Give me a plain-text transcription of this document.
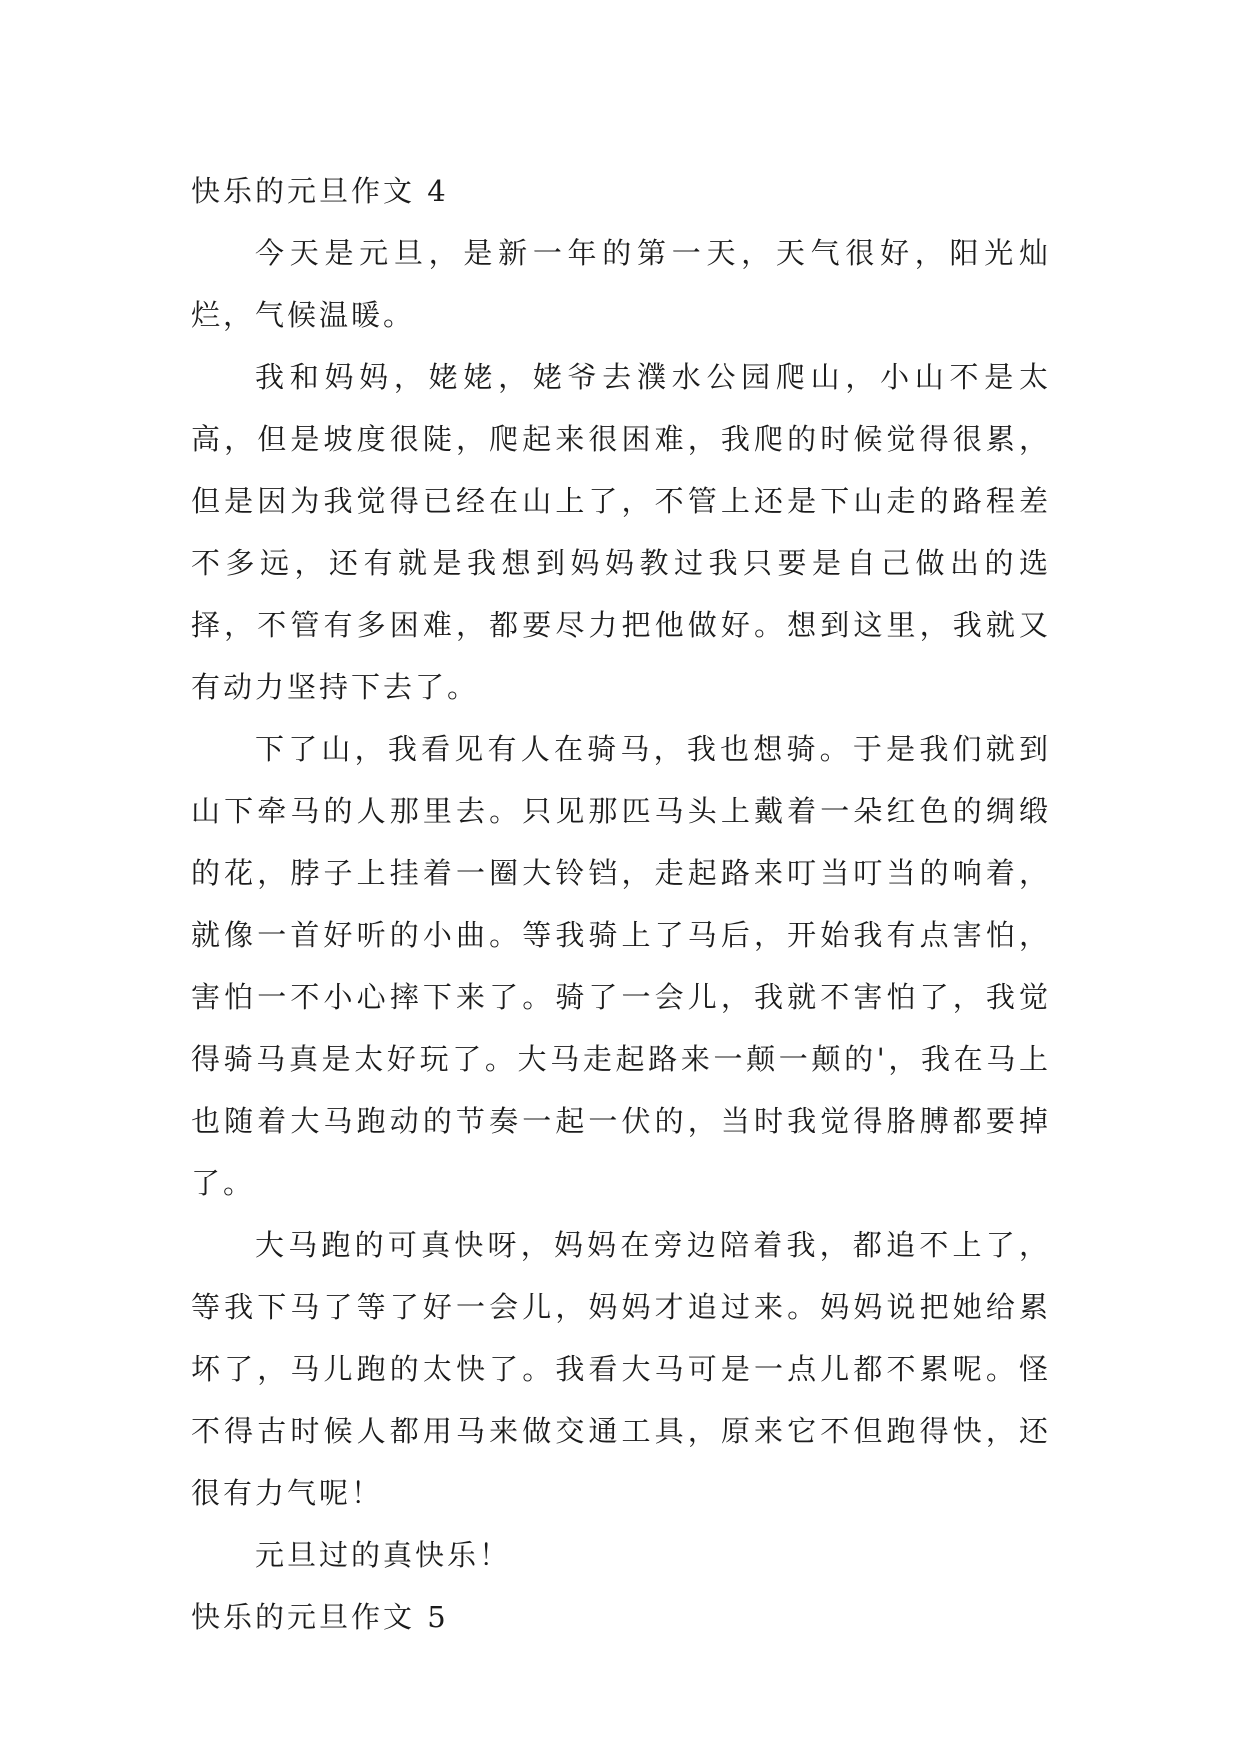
快乐的元旦作文 4

今天是元旦，是新一年的第一天，天气很好，阳光灿烂，气候温暖。

我和妈妈，姥姥，姥爷去濮水公园爬山，小山不是太高，但是坡度很陡，爬起来很困难，我爬的时候觉得很累，但是因为我觉得已经在山上了，不管上还是下山走的路程差不多远，还有就是我想到妈妈教过我只要是自己做出的选择，不管有多困难，都要尽力把他做好。想到这里，我就又有动力坚持下去了。

下了山，我看见有人在骑马，我也想骑。于是我们就到山下牵马的人那里去。只见那匹马头上戴着一朵红色的绸缎的花，脖子上挂着一圈大铃铛，走起路来叮当叮当的响着，就像一首好听的小曲。等我骑上了马后，开始我有点害怕，害怕一不小心摔下来了。骑了一会儿，我就不害怕了，我觉得骑马真是太好玩了。大马走起路来一颠一颠的'，我在马上也随着大马跑动的节奏一起一伏的，当时我觉得胳膊都要掉了。

大马跑的可真快呀，妈妈在旁边陪着我，都追不上了，等我下马了等了好一会儿，妈妈才追过来。妈妈说把她给累坏了，马儿跑的太快了。我看大马可是一点儿都不累呢。怪不得古时候人都用马来做交通工具，原来它不但跑得快，还很有力气呢！

元旦过的真快乐！

快乐的元旦作文 5
